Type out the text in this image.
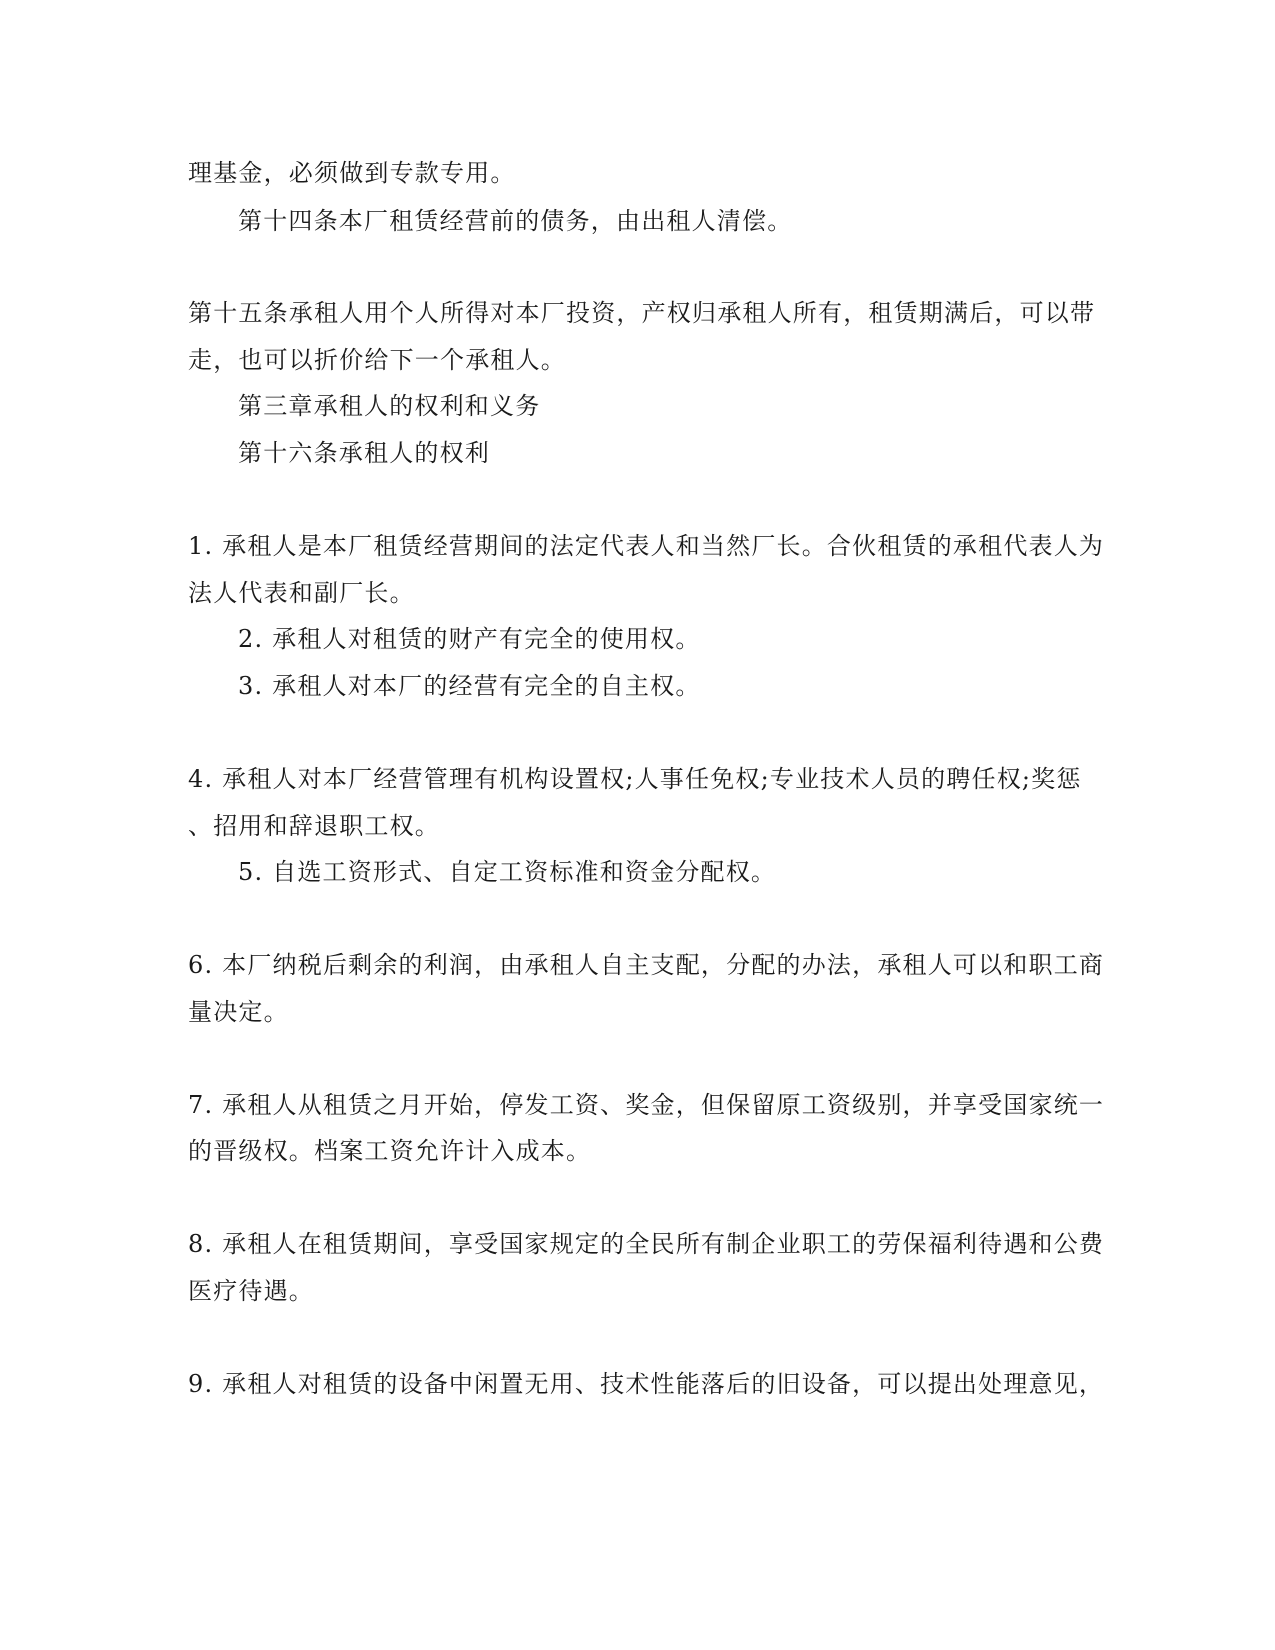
理基金，必须做到专款专用。
第十四条本厂租赁经营前的债务，由出租人清偿。
第十五条承租人用个人所得对本厂投资，产权归承租人所有，租赁期满后，可以带
走，也可以折价给下一个承租人。
第三章承租人的权利和义务
第十六条承租人的权利
1. 承租人是本厂租赁经营期间的法定代表人和当然厂长。合伙租赁的承租代表人为
法人代表和副厂长。
2. 承租人对租赁的财产有完全的使用权。
3. 承租人对本厂的经营有完全的自主权。
4. 承租人对本厂经营管理有机构设置权;人事任免权;专业技术人员的聘任权;奖惩
、招用和辞退职工权。
5. 自选工资形式、自定工资标准和资金分配权。
6. 本厂纳税后剩余的利润，由承租人自主支配，分配的办法，承租人可以和职工商
量决定。
7. 承租人从租赁之月开始，停发工资、奖金，但保留原工资级别，并享受国家统一
的晋级权。档案工资允许计入成本。
8. 承租人在租赁期间，享受国家规定的全民所有制企业职工的劳保福利待遇和公费
医疗待遇。
9. 承租人对租赁的设备中闲置无用、技术性能落后的旧设备，可以提出处理意见，
